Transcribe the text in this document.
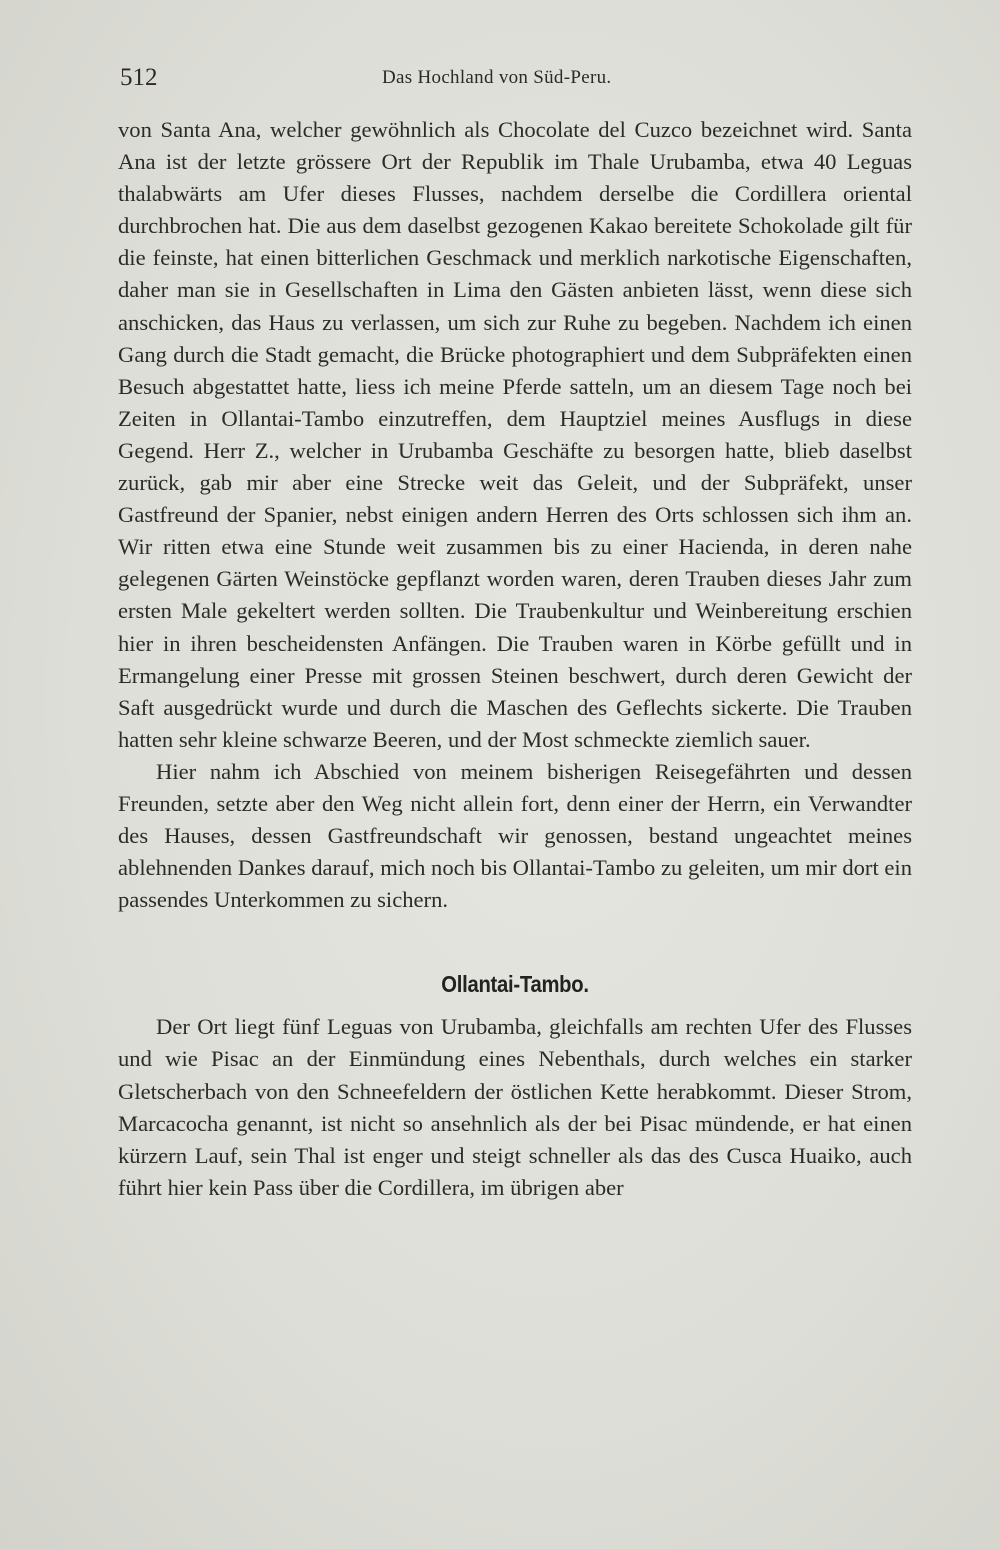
512	Das Hochland von Süd-Peru.

von Santa Ana, welcher gewöhnlich als Chocolate del Cuzco bezeichnet wird. Santa Ana ist der letzte grössere Ort der Republik im Thale Urubamba, etwa 40 Leguas thalabwärts am Ufer dieses Flusses, nachdem derselbe die Cordillera oriental durchbrochen hat. Die aus dem daselbst gezogenen Kakao bereitete Schokolade gilt für die feinste, hat einen bitterlichen Geschmack und merklich narkotische Eigenschaften, daher man sie in Gesellschaften in Lima den Gästen anbieten lässt, wenn diese sich anschicken, das Haus zu verlassen, um sich zur Ruhe zu begeben. Nachdem ich einen Gang durch die Stadt gemacht, die Brücke photographiert und dem Subpräfekten einen Besuch abgestattet hatte, liess ich meine Pferde satteln, um an diesem Tage noch bei Zeiten in Ollantai-Tambo einzutreffen, dem Hauptziel meines Ausflugs in diese Gegend. Herr Z., welcher in Urubamba Geschäfte zu besorgen hatte, blieb daselbst zurück, gab mir aber eine Strecke weit das Geleit, und der Subpräfekt, unser Gastfreund der Spanier, nebst einigen andern Herren des Orts schlossen sich ihm an. Wir ritten etwa eine Stunde weit zusammen bis zu einer Hacienda, in deren nahe gelegenen Gärten Weinstöcke gepflanzt worden waren, deren Trauben dieses Jahr zum ersten Male gekeltert werden sollten. Die Traubenkultur und Weinbereitung erschien hier in ihren bescheidensten Anfängen. Die Trauben waren in Körbe gefüllt und in Ermangelung einer Presse mit grossen Steinen beschwert, durch deren Gewicht der Saft ausgedrückt wurde und durch die Maschen des Geflechts sickerte. Die Trauben hatten sehr kleine schwarze Beeren, und der Most schmeckte ziemlich sauer.

Hier nahm ich Abschied von meinem bisherigen Reisegefährten und dessen Freunden, setzte aber den Weg nicht allein fort, denn einer der Herrn, ein Verwandter des Hauses, dessen Gastfreundschaft wir genossen, bestand ungeachtet meines ablehnenden Dankes darauf, mich noch bis Ollantai-Tambo zu geleiten, um mir dort ein passendes Unterkommen zu sichern.

Ollantai-Tambo.

Der Ort liegt fünf Leguas von Urubamba, gleichfalls am rechten Ufer des Flusses und wie Pisac an der Einmündung eines Nebenthals, durch welches ein starker Gletscherbach von den Schneefeldern der östlichen Kette herabkommt. Dieser Strom, Marcacocha genannt, ist nicht so ansehnlich als der bei Pisac mündende, er hat einen kürzern Lauf, sein Thal ist enger und steigt schneller als das des Cusca Huaiko, auch führt hier kein Pass über die Cordillera, im übrigen aber
